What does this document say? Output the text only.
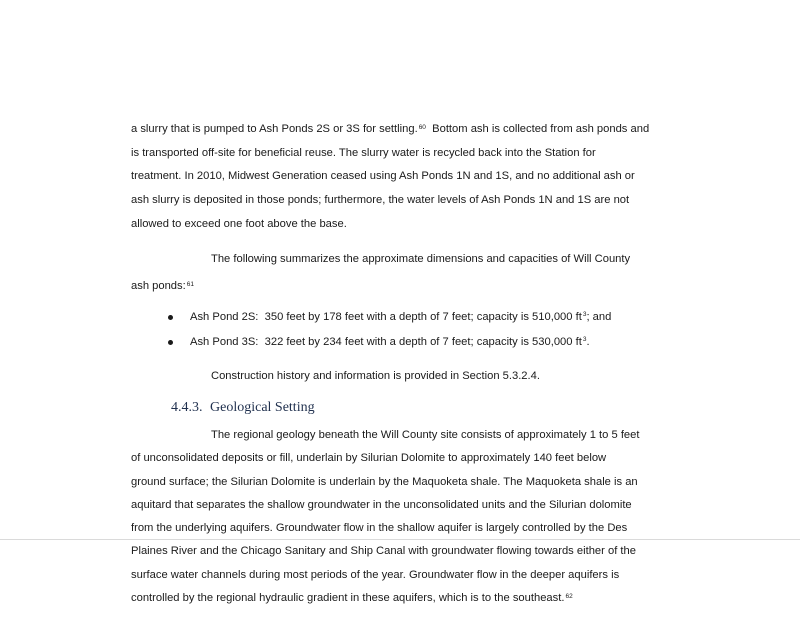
a slurry that is pumped to Ash Ponds 2S or 3S for settling.$^{60}$  Bottom ash is collected from ash ponds and
is transported off-site for beneficial reuse. The slurry water is recycled back into the Station for
treatment. In 2010, Midwest Generation ceased using Ash Ponds 1N and 1S, and no additional ash or
ash slurry is deposited in those ponds; furthermore, the water levels of Ash Ponds 1N and 1S are not
allowed to exceed one foot above the base.
The following summarizes the approximate dimensions and capacities of Will County
ash ponds:$^{61}$
Ash Pond 2S:  350 feet by 178 feet with a depth of 7 feet; capacity is 510,000 $ft^3$; and
Ash Pond 3S:  322 feet by 234 feet with a depth of 7 feet; capacity is 530,000 $ft^3$.
Construction history and information is provided in Section 5.3.2.4.
4.4.3. Geological Setting
The regional geology beneath the Will County site consists of approximately 1 to 5 feet
of unconsolidated deposits or fill, underlain by Silurian Dolomite to approximately 140 feet below
ground surface; the Silurian Dolomite is underlain by the Maquoketa shale. The Maquoketa shale is an
aquitard that separates the shallow groundwater in the unconsolidated units and the Silurian dolomite
from the underlying aquifers. Groundwater flow in the shallow aquifer is largely controlled by the Des
Plaines River and the Chicago Sanitary and Ship Canal with groundwater flowing towards either of the
surface water channels during most periods of the year. Groundwater flow in the deeper aquifers is
controlled by the regional hydraulic gradient in these aquifers, which is to the southeast.$^{62}$
